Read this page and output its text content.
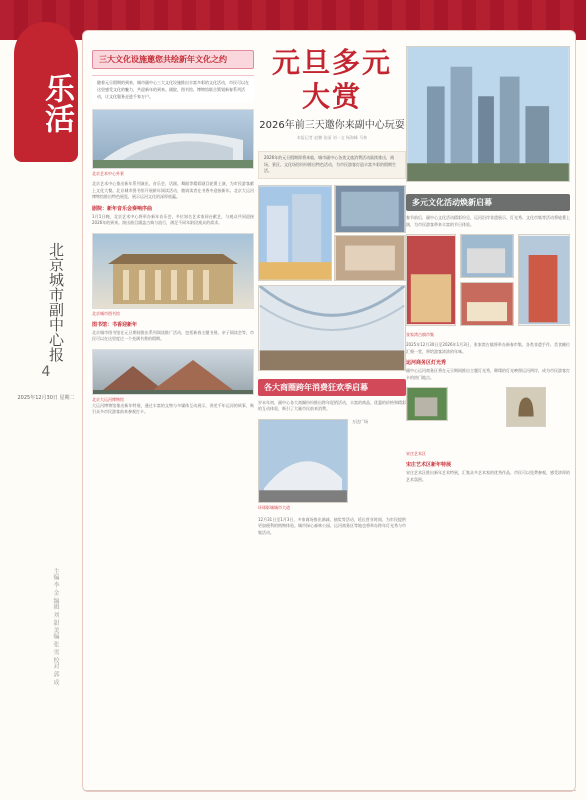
乐活
北京城市副中心报
4
2025年12月30日 星期二
主编 李 金 编辑 刘 甜 美编 张 雪 校对 郭 成
三大文化设施邀您共绘新年文化之约
随着元旦假期的到来，城市副中心三大文化设施推出丰富多彩的文化活动，市民可以在这里感受文化的魅力，共迎新年的到来。剧院、图书馆、博物馆联合策划新春系列活动，让文化服务走进千家万户。
北京艺术中心外景
北京艺术中心推出新年系列演出，音乐会、话剧、舞蹈等精彩剧目轮番上演，为市民游客献上文化大餐。北京城市图书馆开展新年阅读活动，邀请读者在书香中迎接新年。北京大运河博物馆推出特色展览，展示运河文化的深厚底蕴。
剧院：新年音乐会奏响序曲
1月1日晚，北京艺术中心将举办新年音乐会，多位知名艺术家同台献艺，与观众共同迎接2026年的到来。演出曲目涵盖古典与流行，满足不同年龄段观众的需求。
北京城市图书馆
图书馆：书香迎新年
北京城市图书馆在元旦期间推出系列阅读推广活动，包括新春主题书展、亲子阅读会等，市民可以在这里度过一个充满书香的假期。
北京大运河博物馆
大运河博物馆推出新年特展，通过丰富的文物与多媒体互动展示，讲述千年运河的故事，吸引众多市民游客前来参观打卡。
元旦多元大赏
2026年前三天邀你来副中心玩耍
本报记者 赵鹏 张丽 刘一文 杨海峰 马林
2026年的元旦假期即将来临，城市副中心各类文旅消费活动陆续推出，商场、景区、文化场馆纷纷推出特色活动，为市民游客打造丰富多彩的假期生活。
各大商圈跨年消费狂欢季启幕
岁末年初，副中心各大商圈纷纷推出跨年促销活动，丰富的商品、优惠的价格和精彩的互动体验，吸引了大量市民前来消费。
环球影城城市大道
万达广场
12月31日至1月3日，多家商场推出满减、抽奖等活动，延长营业时间，为市民提供更加便利的购物体验。城市绿心森林公园、运河商务区等地也将举办跨年灯光秀与市集活动。
多元文化活动焕新启幕
春节前后，副中心文化活动精彩纷呈，运河沿岸非遗展示、灯光秀、文化市集等活动将轮番上演，为市民游客带来丰富的节日体验。
张家湾古镇市集
2025年12月30日至2026年1月3日，张家湾古镇将举办新春市集，各类非遗手作、美食摊位汇聚一堂，带给游客浓浓的年味。
运河商务区灯光秀
副中心运河商务区将在元旦期间推出主题灯光秀，璀璨的灯光映照运河两岸，成为市民游客打卡的热门地点。
宋庄艺术区
宋庄艺术区新年特展
宋庄艺术区推出新年艺术特展，汇集众多艺术家的优秀作品，市民可以免费参观，感受浓厚的艺术氛围。
